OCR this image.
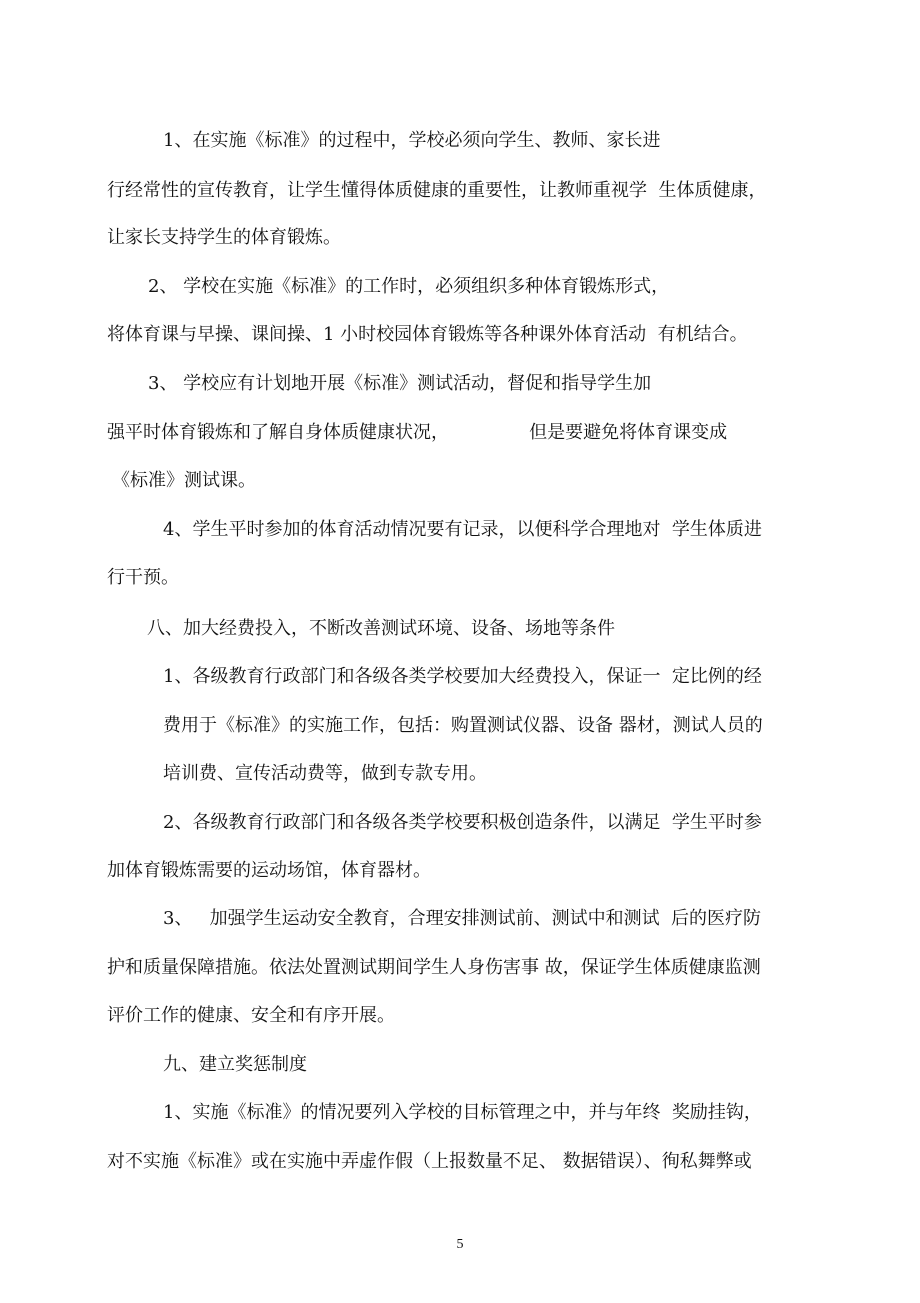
1、在实施《标准》的过程中，学校必须向学生、教师、家长进
行经常性的宣传教育，让学生懂得体质健康的重要性，让教师重视学  生体质健康，
让家长支持学生的体育锻炼。
2、 学校在实施《标准》的工作时，必须组织多种体育锻炼形式，
将体育课与早操、课间操、1 小时校园体育锻炼等各种课外体育活动  有机结合。
3、 学校应有计划地开展《标准》测试活动，督促和指导学生加
强平时体育锻炼和了解自身体质健康状况，              但是要避免将体育课变成
《标准》测试课。
4、学生平时参加的体育活动情况要有记录，以便科学合理地对  学生体质进
行干预。
八、加大经费投入，不断改善测试环境、设备、场地等条件
1、各级教育行政部门和各级各类学校要加大经费投入，保证一  定比例的经
费用于《标准》的实施工作，包括：购置测试仪器、设备 器材，测试人员的
培训费、宣传活动费等，做到专款专用。
2、各级教育行政部门和各级各类学校要积极创造条件，以满足  学生平时参
加体育锻炼需要的运动场馆，体育器材。
3、   加强学生运动安全教育，合理安排测试前、测试中和测试  后的医疗防
护和质量保障措施。依法处置测试期间学生人身伤害事 故，保证学生体质健康监测
评价工作的健康、安全和有序开展。
九、建立奖惩制度
1、实施《标准》的情况要列入学校的目标管理之中，并与年终  奖励挂钩，
对不实施《标准》或在实施中弄虚作假（上报数量不足、 数据错误）、徇私舞弊或
5
